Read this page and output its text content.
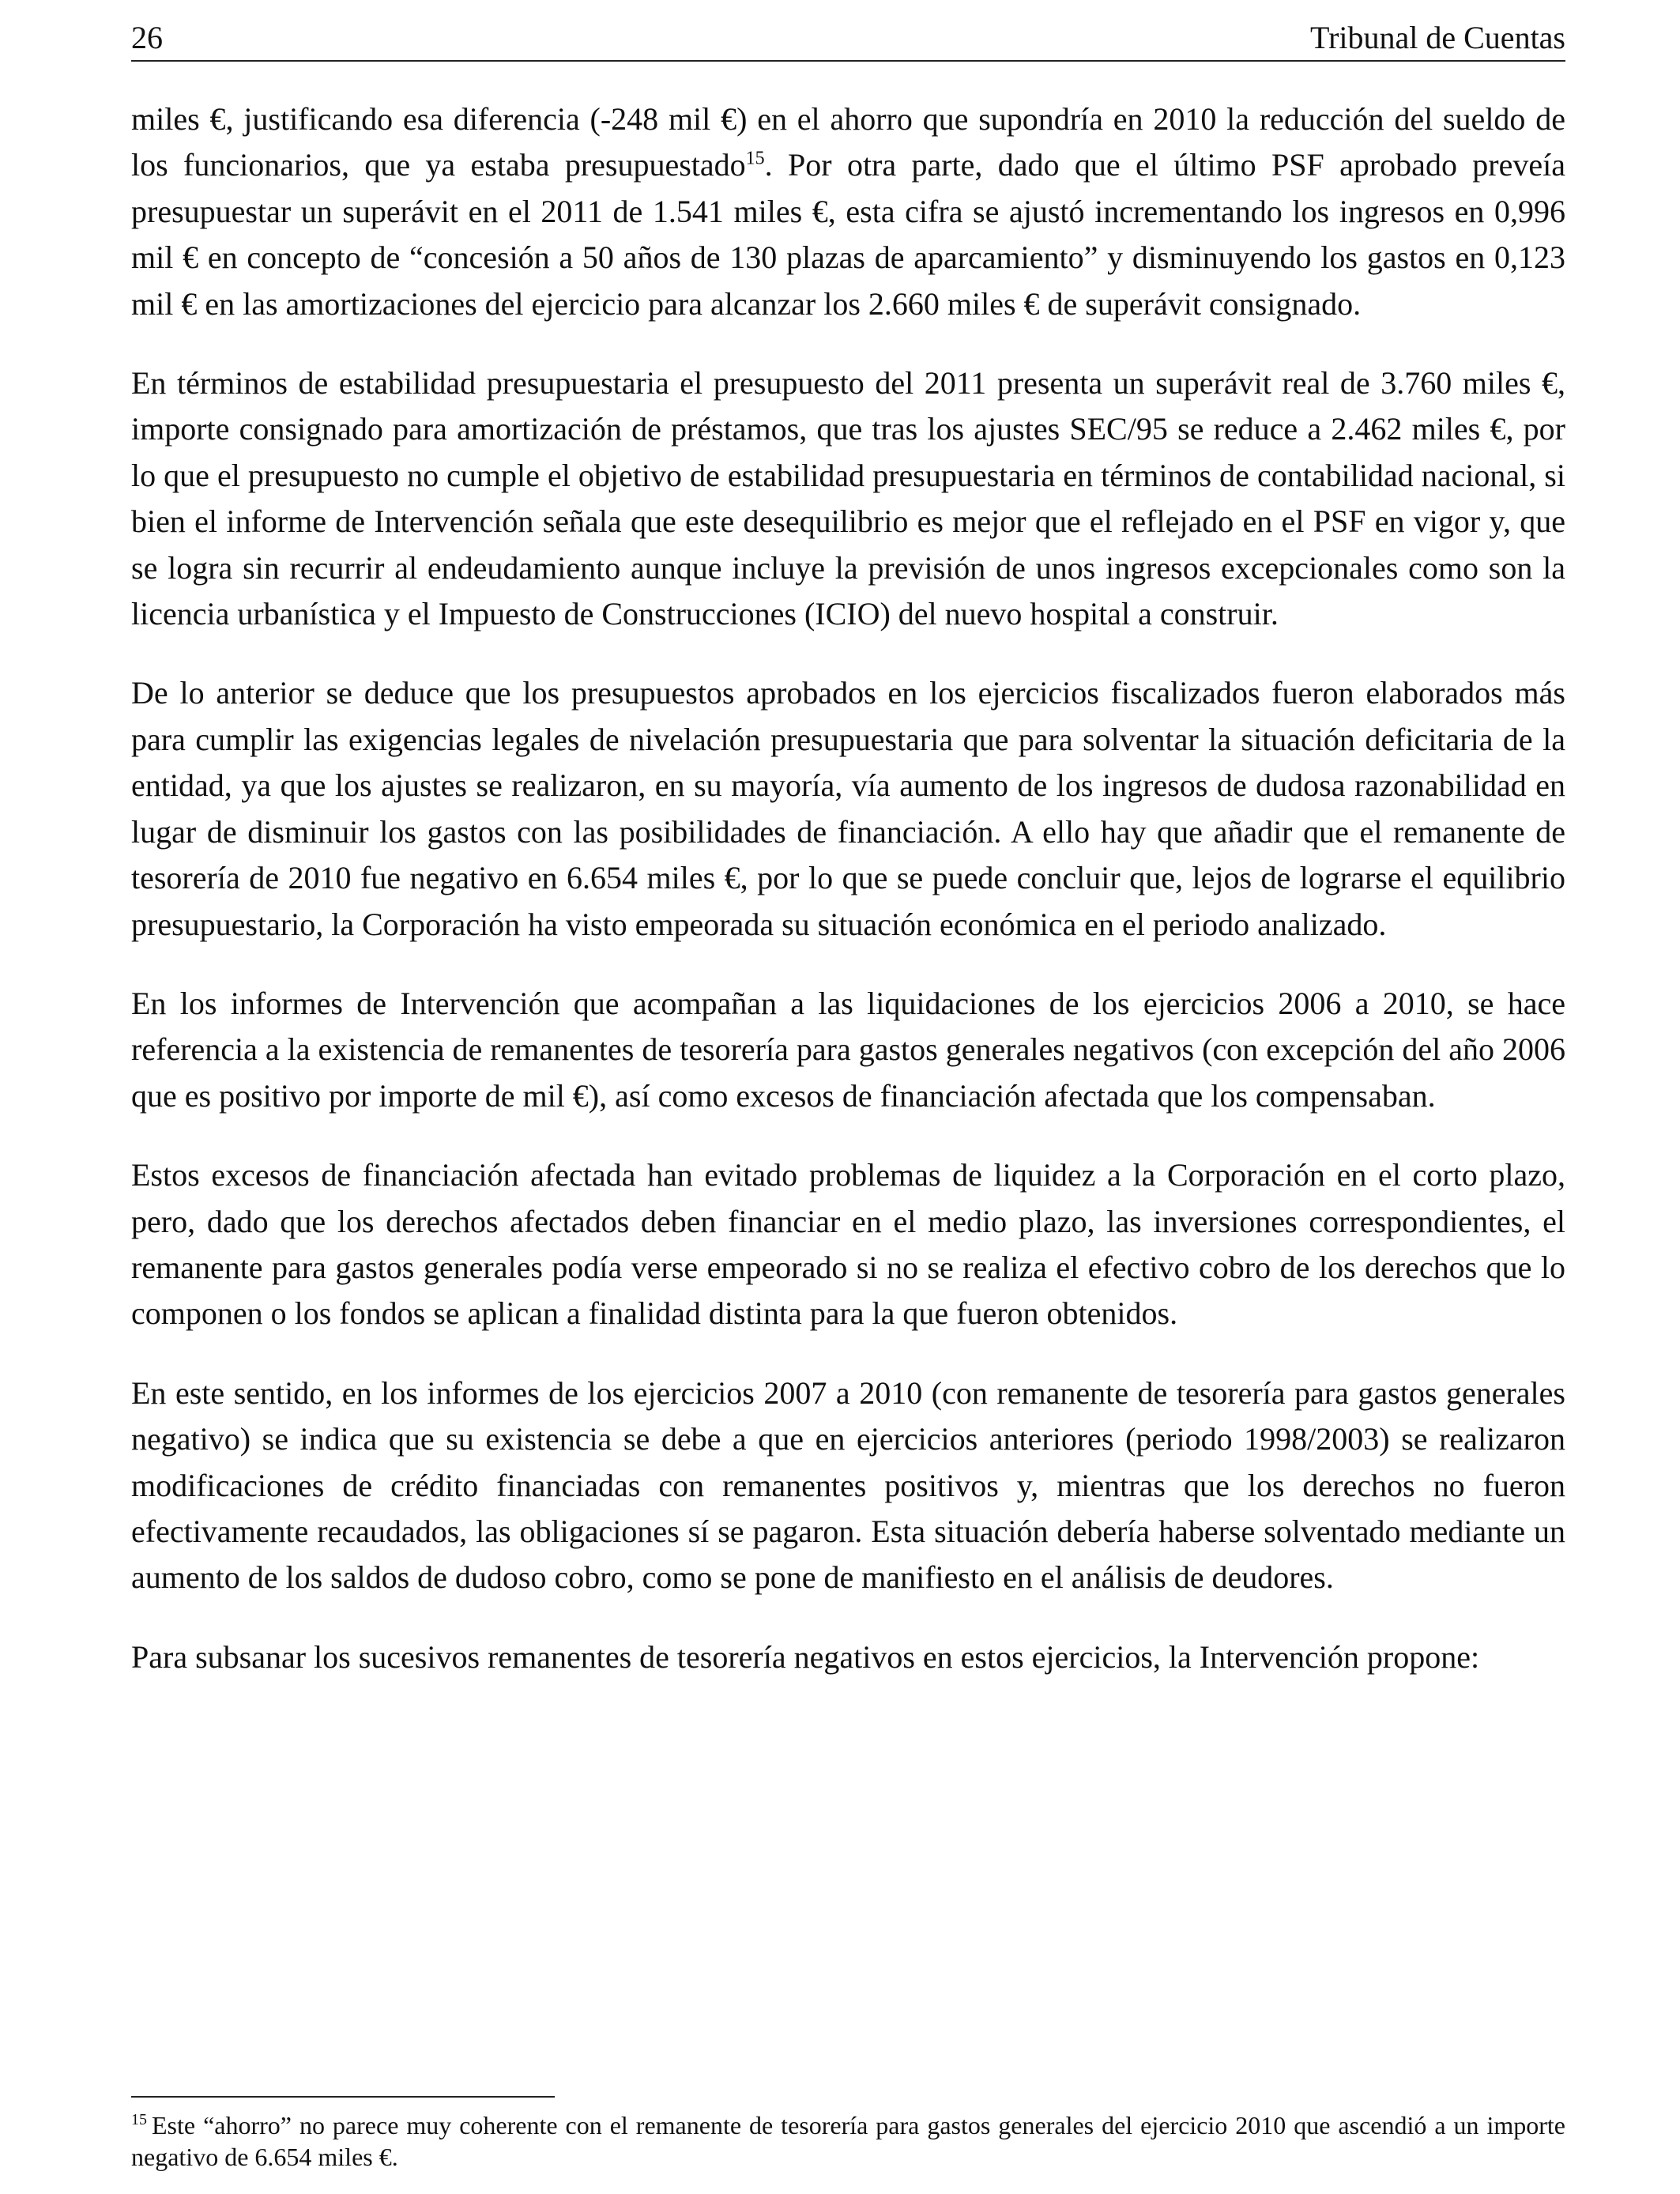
26	Tribunal de Cuentas

miles €, justificando esa diferencia (-248 mil €) en el ahorro que supondría en 2010 la reducción del sueldo de los funcionarios, que ya estaba presupuestado$^{15}$. Por otra parte, dado que el último PSF aprobado preveía presupuestar un superávit en el 2011 de 1.541 miles €, esta cifra se ajustó incrementando los ingresos en 0,996 mil € en concepto de “concesión a 50 años de 130 plazas de aparcamiento” y disminuyendo los gastos en 0,123 mil € en las amortizaciones del ejercicio para alcanzar los 2.660 miles € de superávit consignado.

En términos de estabilidad presupuestaria el presupuesto del 2011 presenta un superávit real de 3.760 miles €, importe consignado para amortización de préstamos, que tras los ajustes SEC/95 se reduce a 2.462 miles €, por lo que el presupuesto no cumple el objetivo de estabilidad presupuestaria en términos de contabilidad nacional, si bien el informe de Intervención señala que este desequilibrio es mejor que el reflejado en el PSF en vigor y, que se logra sin recurrir al endeudamiento aunque incluye la previsión de unos ingresos excepcionales como son la licencia urbanística y el Impuesto de Construcciones (ICIO) del nuevo hospital a construir.

De lo anterior se deduce que los presupuestos aprobados en los ejercicios fiscalizados fueron elaborados más para cumplir las exigencias legales de nivelación presupuestaria que para solventar la situación deficitaria de la entidad, ya que los ajustes se realizaron, en su mayoría, vía aumento de los ingresos de dudosa razonabilidad en lugar de disminuir los gastos con las posibilidades de financiación. A ello hay que añadir que el remanente de tesorería de 2010 fue negativo en 6.654 miles €, por lo que se puede concluir que, lejos de lograrse el equilibrio presupuestario, la Corporación ha visto empeorada su situación económica en el periodo analizado.

En los informes de Intervención que acompañan a las liquidaciones de los ejercicios 2006 a 2010, se hace referencia a la existencia de remanentes de tesorería para gastos generales negativos (con excepción del año 2006 que es positivo por importe de mil €), así como excesos de financiación afectada que los compensaban.

Estos excesos de financiación afectada han evitado problemas de liquidez a la Corporación en el corto plazo, pero, dado que los derechos afectados deben financiar en el medio plazo, las inversiones correspondientes, el remanente para gastos generales podía verse empeorado si no se realiza el efectivo cobro de los derechos que lo componen o los fondos se aplican a finalidad distinta para la que fueron obtenidos.

En este sentido, en los informes de los ejercicios 2007 a 2010 (con remanente de tesorería para gastos generales negativo) se indica que su existencia se debe a que en ejercicios anteriores (periodo 1998/2003) se realizaron modificaciones de crédito financiadas con remanentes positivos y, mientras que los derechos no fueron efectivamente recaudados, las obligaciones sí se pagaron. Esta situación debería haberse solventado mediante un aumento de los saldos de dudoso cobro, como se pone de manifiesto en el análisis de deudores.

Para subsanar los sucesivos remanentes de tesorería negativos en estos ejercicios, la Intervención propone:

$^{15}$ Este “ahorro” no parece muy coherente con el remanente de tesorería para gastos generales del ejercicio 2010 que ascendió a un importe negativo de 6.654 miles €.
